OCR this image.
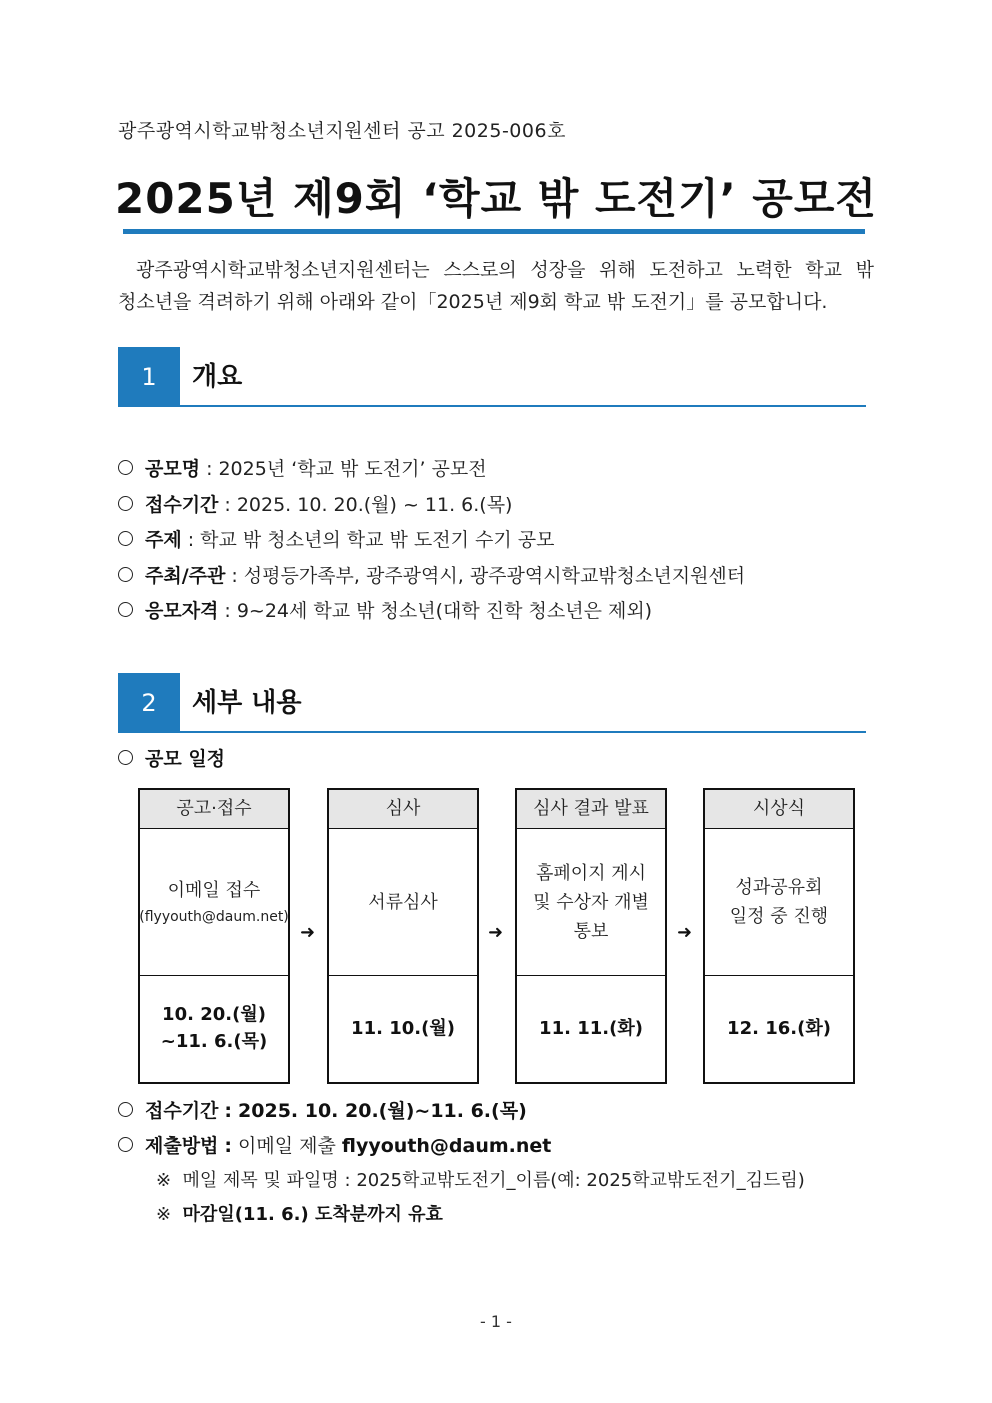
광주광역시학교밖청소년지원센터 공고 2025-006호
2025년 제9회 ‘학교 밖 도전기’ 공모전

광주광역시학교밖청소년지원센터는 스스로의 성장을 위해 도전하고 노력한 학교 밖

청소년을 격려하기 위해 아래와 같이「2025년 제9회 학교 밖 도전기」를 공모합니다.

1	개요
공모명 : 2025년 ‘학교 밖 도전기’ 공모전
접수기간 : 2025. 10. 20.(월) ~ 11. 6.(목)
주제 : 학교 밖 청소년의 학교 밖 도전기 수기 공모
주최/주관 : 성평등가족부, 광주광역시, 광주광역시학교밖청소년지원센터
응모자격 : 9~24세 학교 밖 청소년(대학 진학 청소년은 제외)
2	세부 내용
공모 일정
공고·접수
이메일 접수
(flyyouth@daum.net)
10. 20.(월)
~11. 6.(목)
➜
심사
서류심사
11. 10.(월)
➜
심사 결과 발표
홈페이지 게시
및 수상자 개별
통보
11. 11.(화)
➜
시상식
성과공유회
일정 중 진행
12. 16.(화)
접수기간 : 2025. 10. 20.(월)~11. 6.(목)
제출방법 : 이메일 제출 flyyouth@daum.net
※ 메일 제목 및 파일명 : 2025학교밖도전기_이름(예: 2025학교밖도전기_김드림)
※ 마감일(11. 6.) 도착분까지 유효
- 1 -
